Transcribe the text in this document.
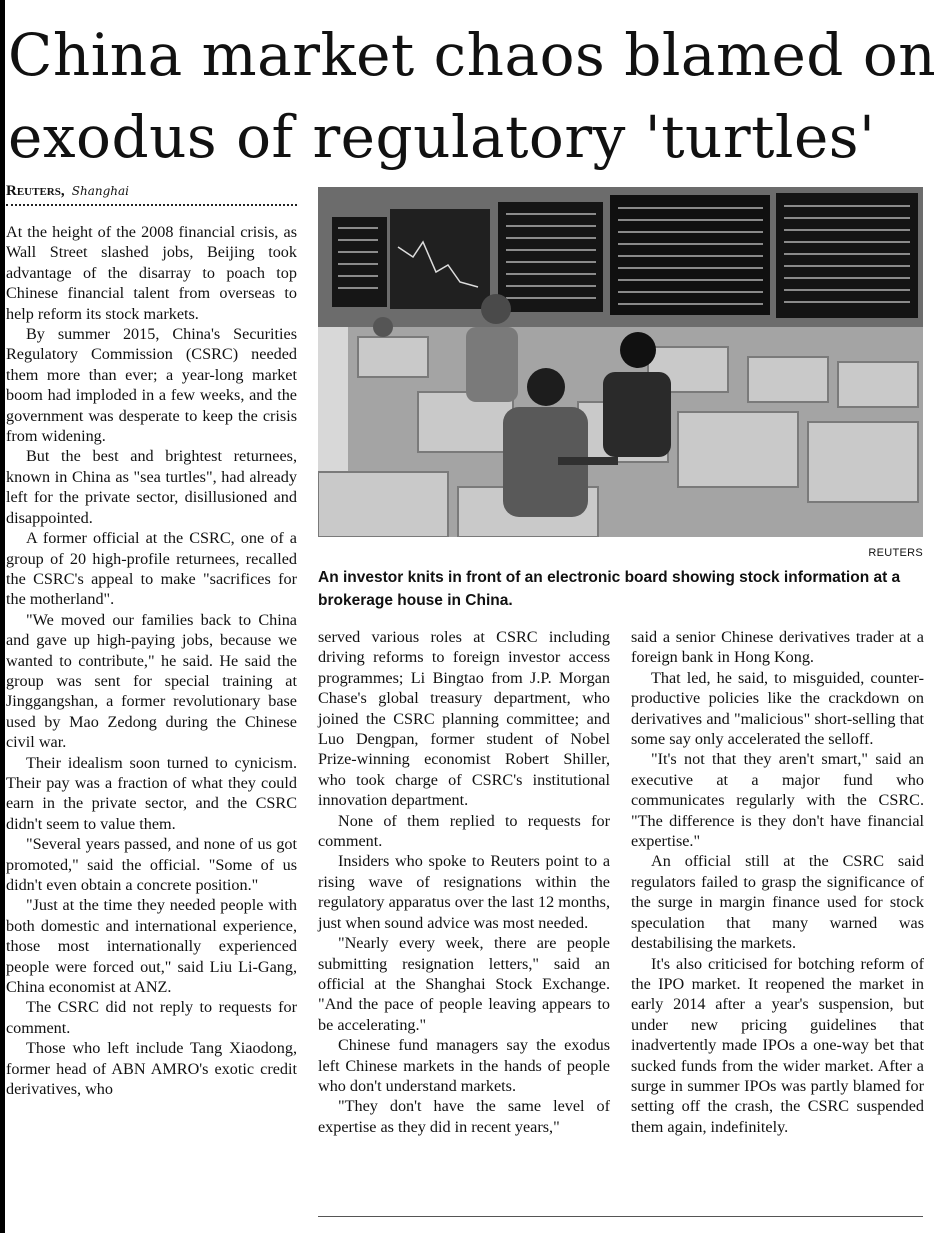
China market chaos blamed on
exodus of regulatory 'turtles'
Reuters, Shanghai

At the height of the 2008 financial crisis, as Wall Street slashed jobs, Beijing took advantage of the disarray to poach top Chinese financial talent from overseas to help reform its stock markets.

By summer 2015, China's Securities Regulatory Commission (CSRC) needed them more than ever; a year-long market boom had imploded in a few weeks, and the government was desperate to keep the crisis from widening.

But the best and brightest returnees, known in China as "sea turtles", had already left for the private sector, disillusioned and disappointed.

A former official at the CSRC, one of a group of 20 high-profile returnees, recalled the CSRC's appeal to make "sacrifices for the motherland".

"We moved our families back to China and gave up high-paying jobs, because we wanted to contribute," he said. He said the group was sent for special training at Jinggangshan, a former revolutionary base used by Mao Zedong during the Chinese civil war.

Their idealism soon turned to cynicism. Their pay was a fraction of what they could earn in the private sector, and the CSRC didn't seem to value them.

"Several years passed, and none of us got promoted," said the official. "Some of us didn't even obtain a concrete position."

"Just at the time they needed people with both domestic and international experience, those most internationally experienced people were forced out," said Liu Li-Gang, China economist at ANZ.

The CSRC did not reply to requests for comment.

Those who left include Tang Xiaodong, former head of ABN AMRO's exotic credit derivatives, who

REUTERS
An investor knits in front of an electronic board showing stock information at a brokerage house in China.

served various roles at CSRC including driving reforms to foreign investor access programmes; Li Bingtao from J.P. Morgan Chase's global treasury department, who joined the CSRC planning committee; and Luo Dengpan, former student of Nobel Prize-winning economist Robert Shiller, who took charge of CSRC's institutional innovation department.

None of them replied to requests for comment.

Insiders who spoke to Reuters point to a rising wave of resignations within the regulatory apparatus over the last 12 months, just when sound advice was most needed.

"Nearly every week, there are people submitting resignation letters," said an official at the Shanghai Stock Exchange. "And the pace of people leaving appears to be accelerating."

Chinese fund managers say the exodus left Chinese markets in the hands of people who don't understand markets.

"They don't have the same level of expertise as they did in recent years,"

said a senior Chinese derivatives trader at a foreign bank in Hong Kong.

That led, he said, to misguided, counter-productive policies like the crackdown on derivatives and "malicious" short-selling that some say only accelerated the selloff.

"It's not that they aren't smart," said an executive at a major fund who communicates regularly with the CSRC. "The difference is they don't have financial expertise."

An official still at the CSRC said regulators failed to grasp the significance of the surge in margin finance used for stock speculation that many warned was destabilising the markets.

It's also criticised for botching reform of the IPO market. It reopened the market in early 2014 after a year's suspension, but under new pricing guidelines that inadvertently made IPOs a one-way bet that sucked funds from the wider market. After a surge in summer IPOs was partly blamed for setting off the crash, the CSRC suspended them again, indefinitely.
